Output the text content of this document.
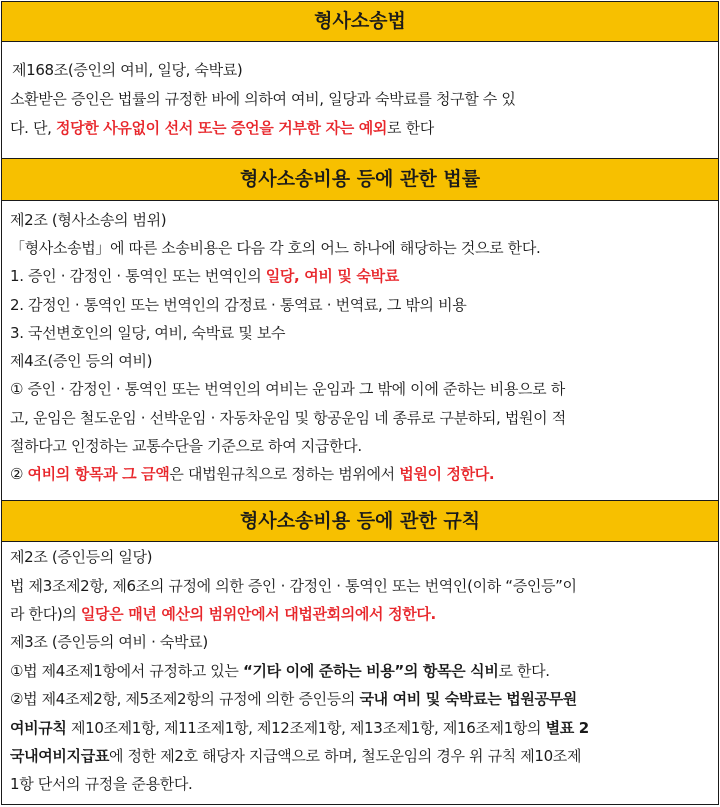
형사소송법
제168조(증인의 여비, 일당, 숙박료)
소환받은 증인은 법률의 규정한 바에 의하여 여비, 일당과 숙박료를 청구할 수 있
다. 단, 정당한 사유없이 선서 또는 증언을 거부한 자는 예외로 한다
형사소송비용 등에 관한 법률
제2조 (형사소송의 범위)
「형사소송법」에 따른 소송비용은 다음 각 호의 어느 하나에 해당하는 것으로 한다.
1. 증인 · 감정인 · 통역인 또는 번역인의 일당, 여비 및 숙박료
2. 감정인 · 통역인 또는 번역인의 감정료 · 통역료 · 번역료, 그 밖의 비용
3. 국선변호인의 일당, 여비, 숙박료 및 보수
제4조(증인 등의 여비)
① 증인 · 감정인 · 통역인 또는 번역인의 여비는 운임과 그 밖에 이에 준하는 비용으로 하
고, 운임은 철도운임 · 선박운임 · 자동차운임 및 항공운임 네 종류로 구분하되, 법원이 적
절하다고 인정하는 교통수단을 기준으로 하여 지급한다.
② 여비의 항목과 그 금액은 대법원규칙으로 정하는 범위에서 법원이 정한다.
형사소송비용 등에 관한 규칙
제2조 (증인등의 일당)
법 제3조제2항, 제6조의 규정에 의한 증인 · 감정인 · 통역인 또는 번역인(이하 “증인등”이
라 한다)의 일당은 매년 예산의 범위안에서 대법관회의에서 정한다.
제3조 (증인등의 여비 · 숙박료)
①법 제4조제1항에서 규정하고 있는 “기타 이에 준하는 비용”의 항목은 식비로 한다.
②법 제4조제2항, 제5조제2항의 규정에 의한 증인등의 국내 여비 및 숙박료는 법원공무원
여비규칙 제10조제1항, 제11조제1항, 제12조제1항, 제13조제1항, 제16조제1항의 별표 2
국내여비지급표에 정한 제2호 해당자 지급액으로 하며, 철도운임의 경우 위 규칙 제10조제
1항 단서의 규정을 준용한다.
